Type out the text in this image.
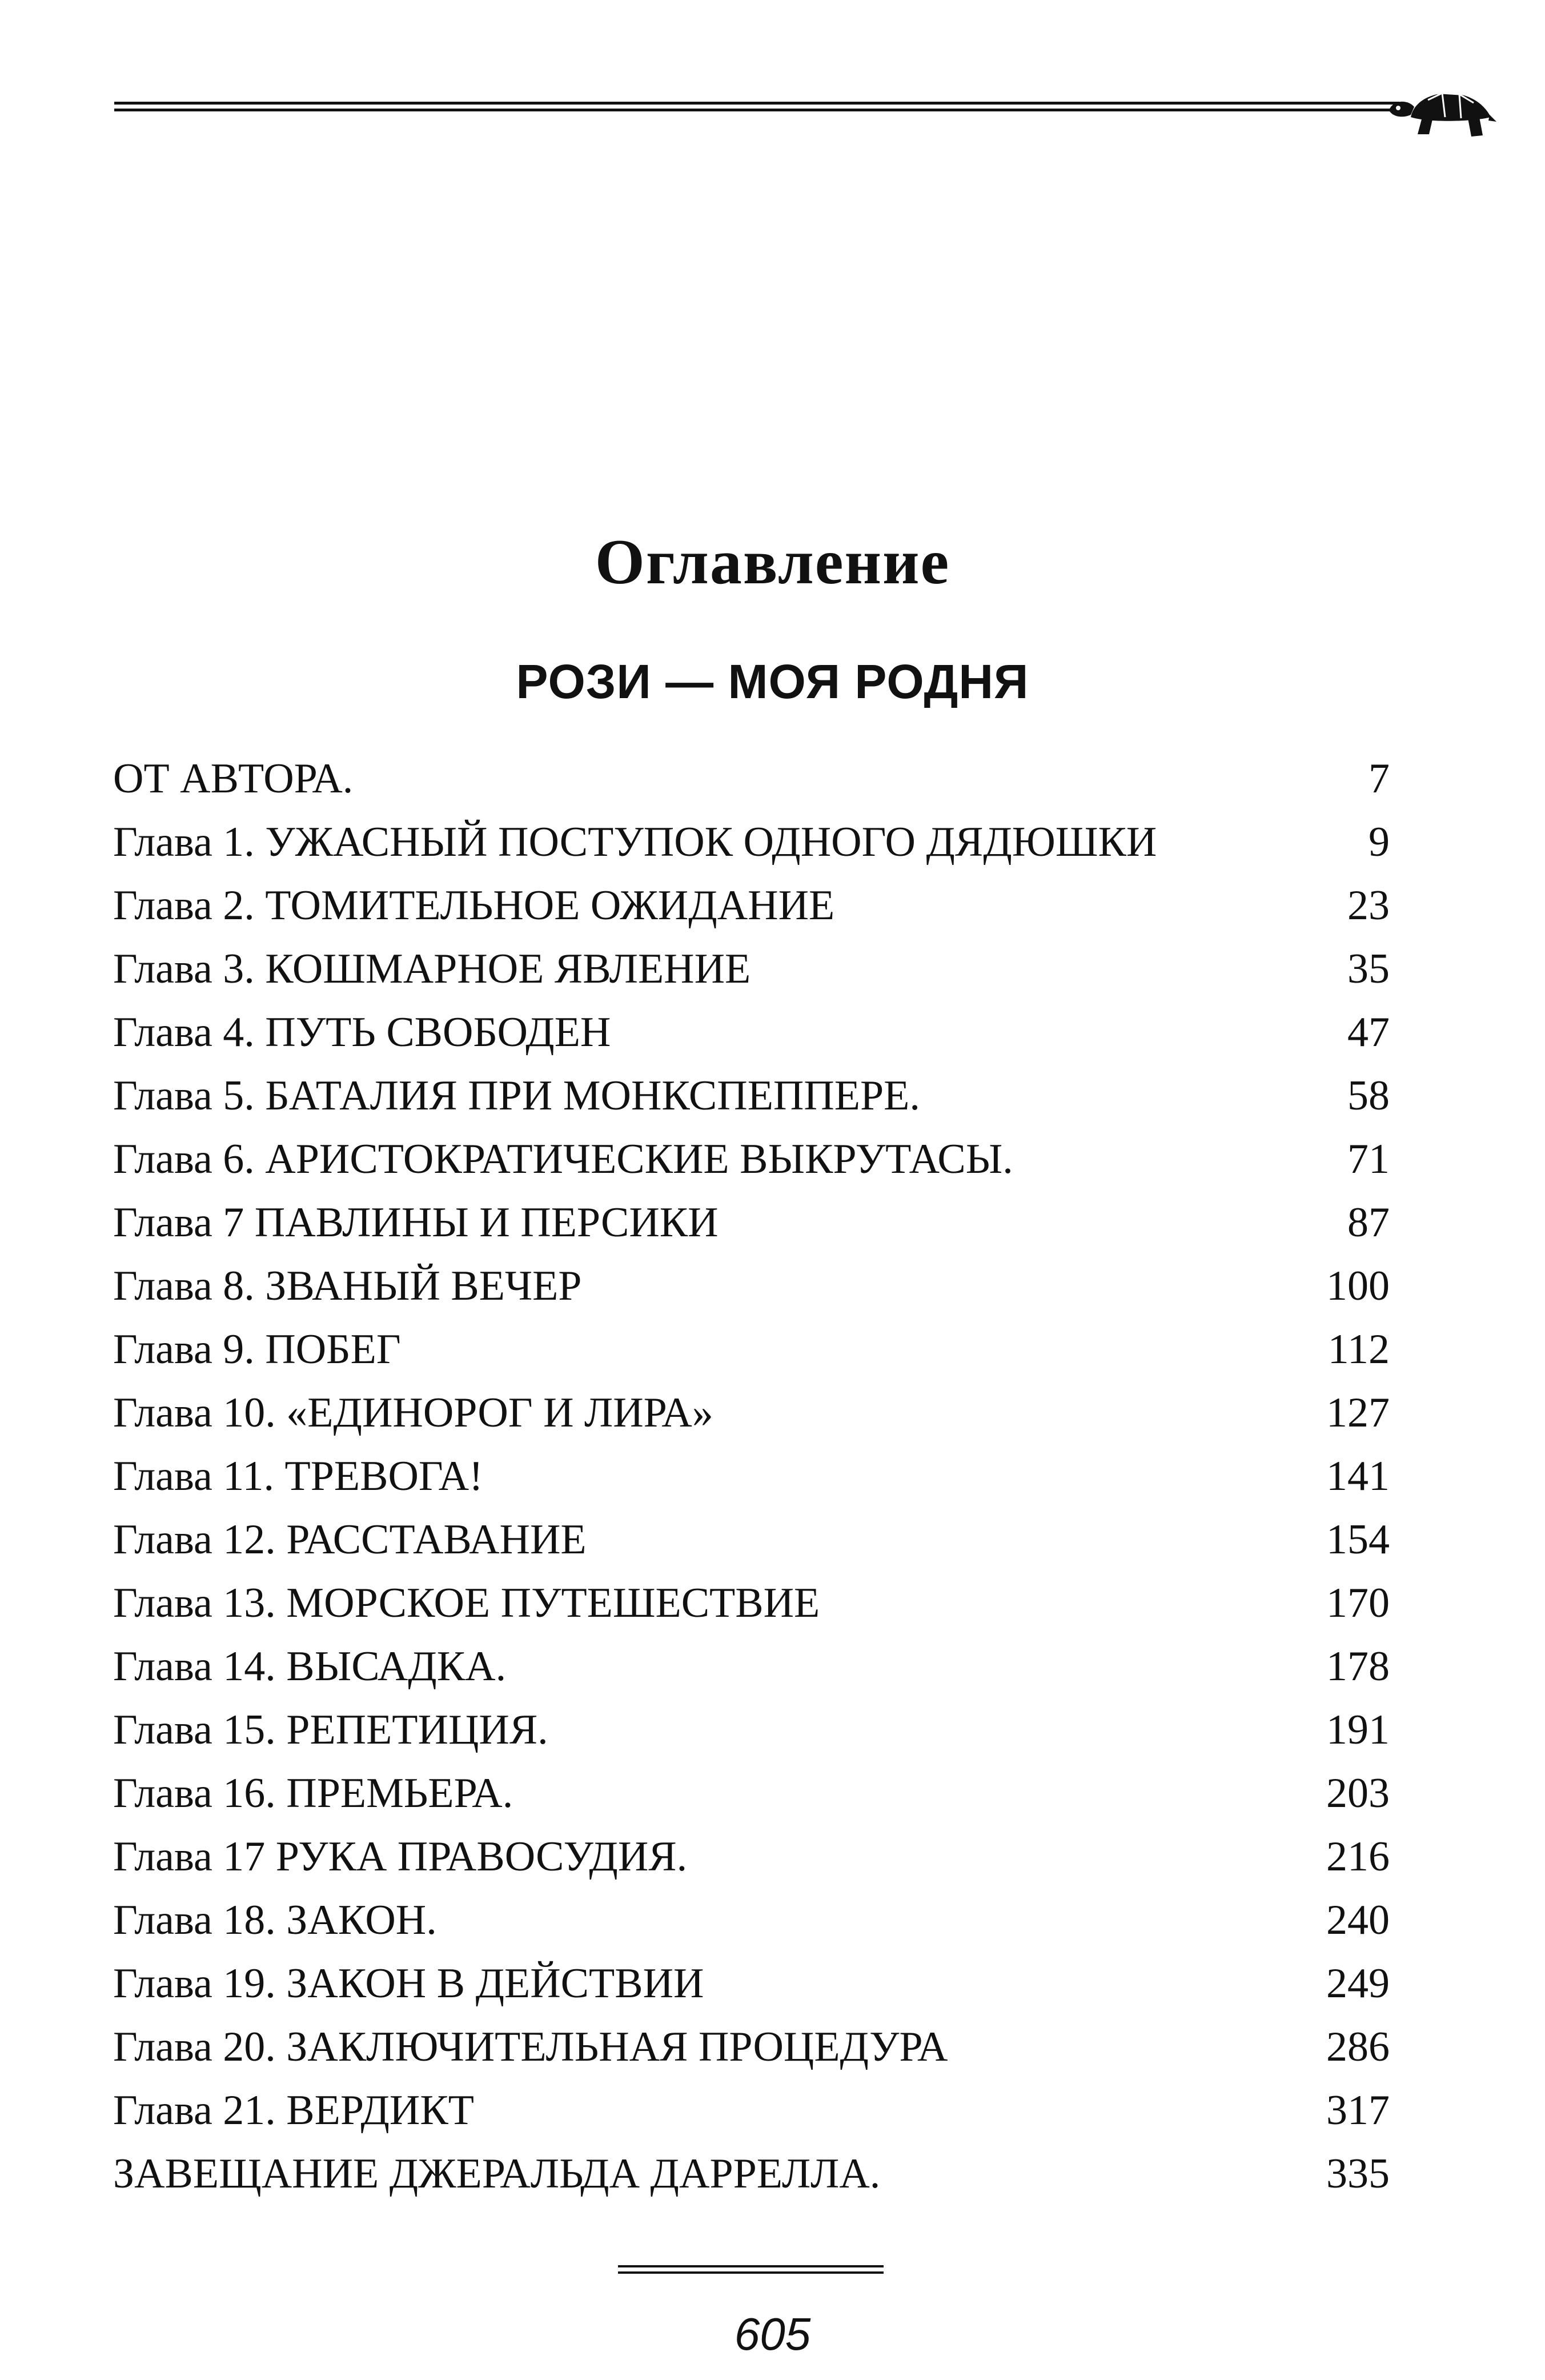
Оглавление
РОЗИ — МОЯ РОДНЯ
ОТ АВТОРА.	7
Глава 1. УЖАСНЫЙ ПОСТУПОК ОДНОГО ДЯДЮШКИ	9
Глава 2. ТОМИТЕЛЬНОЕ ОЖИДАНИЕ	23
Глава 3. КОШМАРНОЕ ЯВЛЕНИЕ	35
Глава 4. ПУТЬ СВОБОДЕН	47
Глава 5. БАТАЛИЯ ПРИ МОНКСПЕППЕРЕ.	58
Глава 6. АРИСТОКРАТИЧЕСКИЕ ВЫКРУТАСЫ.	71
Глава 7 ПАВЛИНЫ И ПЕРСИКИ	87
Глава 8. ЗВАНЫЙ ВЕЧЕР	100
Глава 9. ПОБЕГ	112
Глава 10. «ЕДИНОРОГ И ЛИРА»	127
Глава 11. ТРЕВОГА!	141
Глава 12. РАССТАВАНИЕ	154
Глава 13. МОРСКОЕ ПУТЕШЕСТВИЕ	170
Глава 14. ВЫСАДКА.	178
Глава 15. РЕПЕТИЦИЯ.	191
Глава 16. ПРЕМЬЕРА.	203
Глава 17 РУКА ПРАВОСУДИЯ.	216
Глава 18. ЗАКОН.	240
Глава 19. ЗАКОН В ДЕЙСТВИИ	249
Глава 20. ЗАКЛЮЧИТЕЛЬНАЯ ПРОЦЕДУРА	286
Глава 21. ВЕРДИКТ	317
ЗАВЕЩАНИЕ ДЖЕРАЛЬДА ДАРРЕЛЛА.	335
605
